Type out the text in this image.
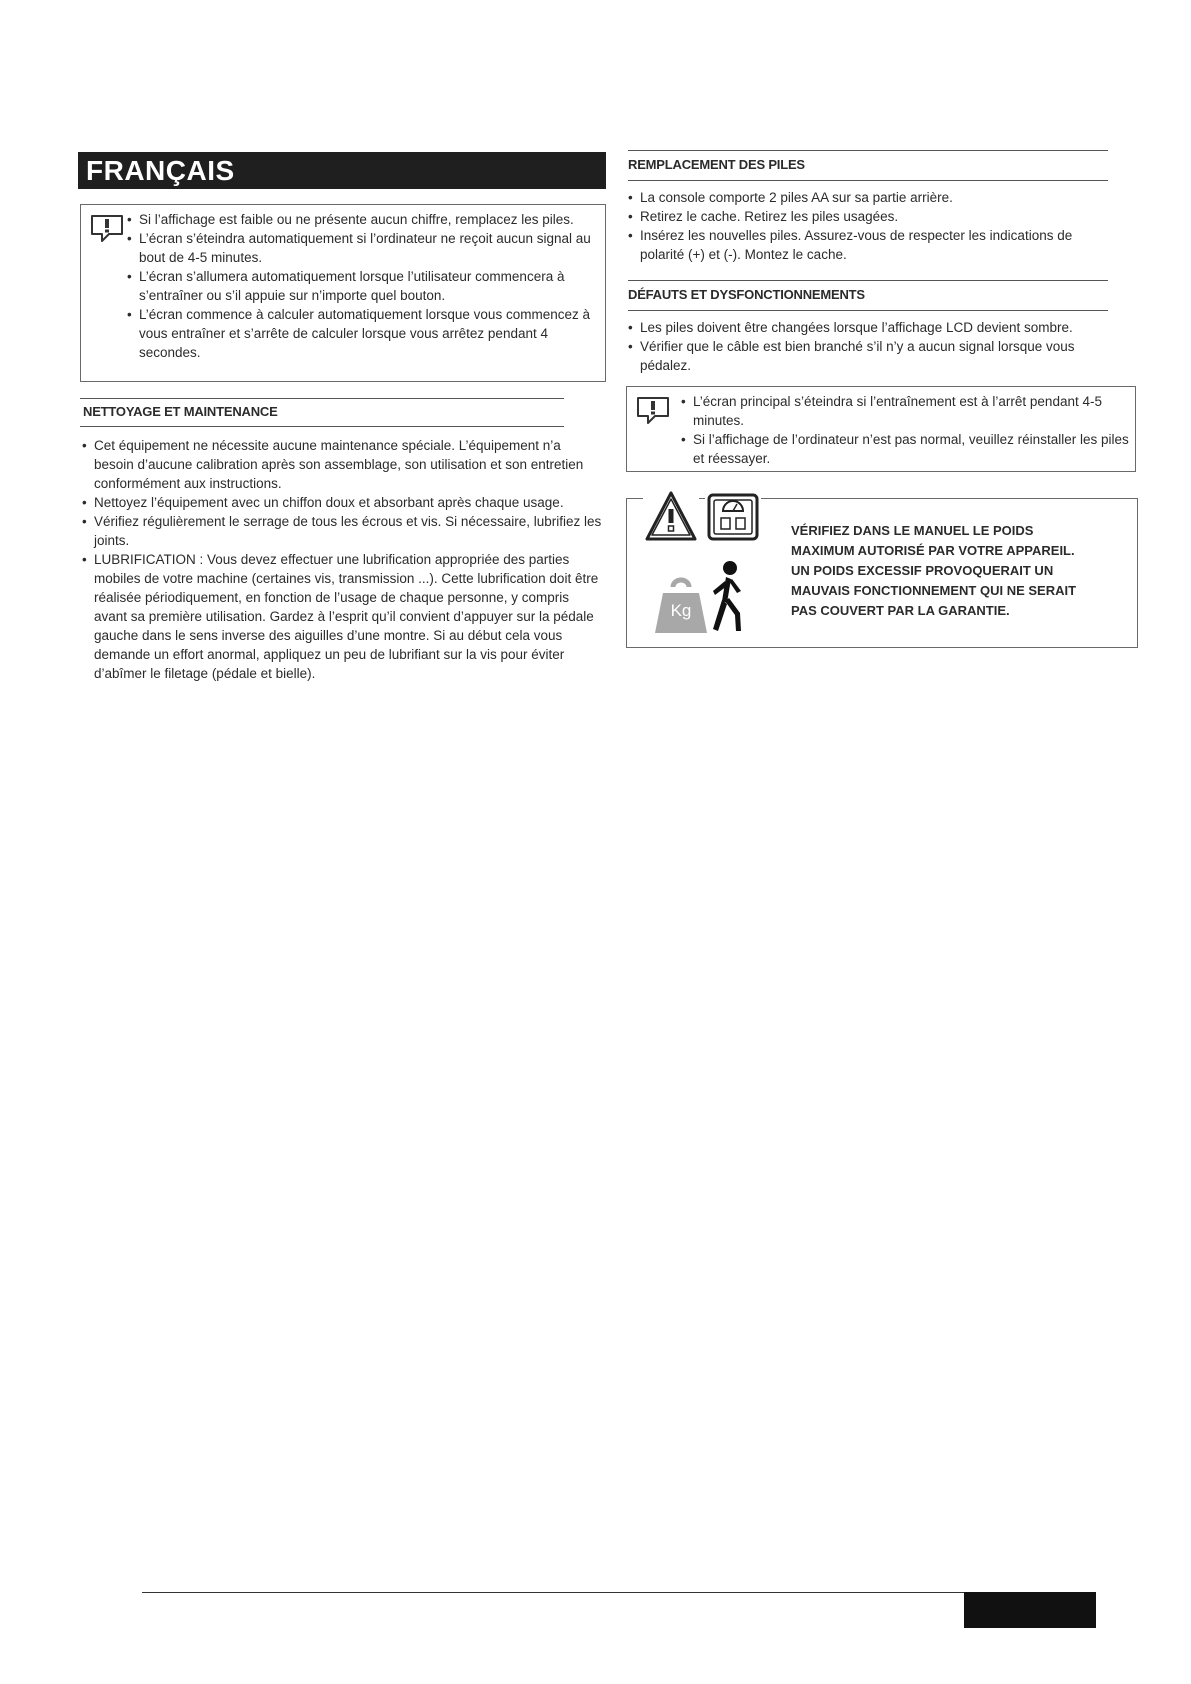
FRANÇAIS
• Si l’affichage est faible ou ne présente aucun chiffre, remplacez les piles.
• L’écran s’éteindra automatiquement si l’ordinateur ne reçoit aucun signal au bout de 4-5 minutes.
• L’écran s’allumera automatiquement lorsque l’utilisateur commencera à s’entraîner ou s’il appuie sur n’importe quel bouton.
• L’écran commence à calculer automatiquement lorsque vous commencez à vous entraîner et s’arrête de calculer lorsque vous arrêtez pendant 4 secondes.
NETTOYAGE ET MAINTENANCE
• Cet équipement ne nécessite aucune maintenance spéciale. L’équipement n’a besoin d’aucune calibration après son assemblage, son utilisation et son entretien conformément aux instructions.
• Nettoyez l’équipement avec un chiffon doux et absorbant après chaque usage.
• Vérifiez régulièrement le serrage de tous les écrous et vis. Si nécessaire, lubrifiez les joints.
• LUBRIFICATION : Vous devez effectuer une lubrification appropriée des parties mobiles de votre machine (certaines vis, transmission ...). Cette lubrification doit être réalisée périodiquement, en fonction de l’usage de chaque personne, y compris avant sa première utilisation. Gardez à l’esprit qu’il convient d’appuyer sur la pédale gauche dans le sens inverse des aiguilles d’une montre. Si au début cela vous demande un effort anormal, appliquez un peu de lubrifiant sur la vis pour éviter d’abîmer le filetage (pédale et bielle).
REMPLACEMENT DES PILES
• La console comporte 2 piles AA sur sa partie arrière.
• Retirez le cache. Retirez les piles usagées.
• Insérez les nouvelles piles. Assurez-vous de respecter les indications de polarité (+) et (-). Montez le cache.
DÉFAUTS ET DYSFONCTIONNEMENTS
• Les piles doivent être changées lorsque l’affichage LCD devient sombre.
• Vérifier que le câble est bien branché s’il n’y a aucun signal lorsque vous pédalez.
• L’écran principal s’éteindra si l’entraînement est à l’arrêt pendant 4-5 minutes.
• Si l’affichage de l’ordinateur n’est pas normal, veuillez réinstaller les piles et réessayer.
Kg
VÉRIFIEZ DANS LE MANUEL LE POIDS
MAXIMUM AUTORISÉ PAR VOTRE APPAREIL.
UN POIDS EXCESSIF PROVOQUERAIT UN
MAUVAIS FONCTIONNEMENT QUI NE SERAIT
PAS COUVERT PAR LA GARANTIE.
